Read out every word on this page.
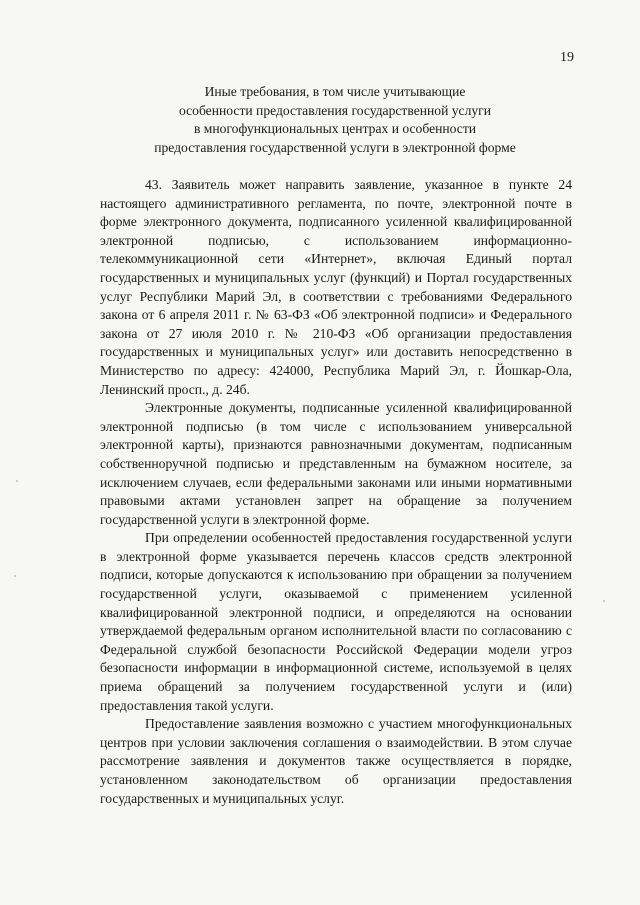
19
Иные требования, в том числе учитывающие
особенности предоставления государственной услуги
в многофункциональных центрах и особенности
предоставления государственной услуги в электронной форме

43. Заявитель может направить заявление, указанное в пункте 24 настоящего административного регламента, по почте, электронной почте в форме электронного документа, подписанного усиленной квалифицированной электронной подписью, с использованием информационно-телекоммуникационной сети «Интернет», включая Единый портал государственных и муниципальных услуг (функций) и Портал государственных услуг Республики Марий Эл, в соответствии с требованиями Федерального закона от 6 апреля 2011 г. № 63-ФЗ «Об электронной подписи» и Федерального закона от 27 июля 2010 г. № 210-ФЗ «Об организации предоставления государственных и муниципальных услуг» или доставить непосредственно в Министерство по адресу: 424000, Республика Марий Эл, г. Йошкар-Ола, Ленинский просп., д. 24б.

Электронные документы, подписанные усиленной квалифицированной электронной подписью (в том числе с использованием универсальной электронной карты), признаются равнозначными документам, подписанным собственноручной подписью и представленным на бумажном носителе, за исключением случаев, если федеральными законами или иными нормативными правовыми актами установлен запрет на обращение за получением государственной услуги в электронной форме.

При определении особенностей предоставления государственной услуги в электронной форме указывается перечень классов средств электронной подписи, которые допускаются к использованию при обращении за получением государственной услуги, оказываемой с применением усиленной квалифицированной электронной подписи, и определяются на основании утверждаемой федеральным органом исполнительной власти по согласованию с Федеральной службой безопасности Российской Федерации модели угроз безопасности информации в информационной системе, используемой в целях приема обращений за получением государственной услуги и (или) предоставления такой услуги.

Предоставление заявления возможно с участием многофункциональных центров при условии заключения соглашения о взаимодействии. В этом случае рассмотрение заявления и документов также осуществляется в порядке, установленном законодательством об организации предоставления государственных и муниципальных услуг.
